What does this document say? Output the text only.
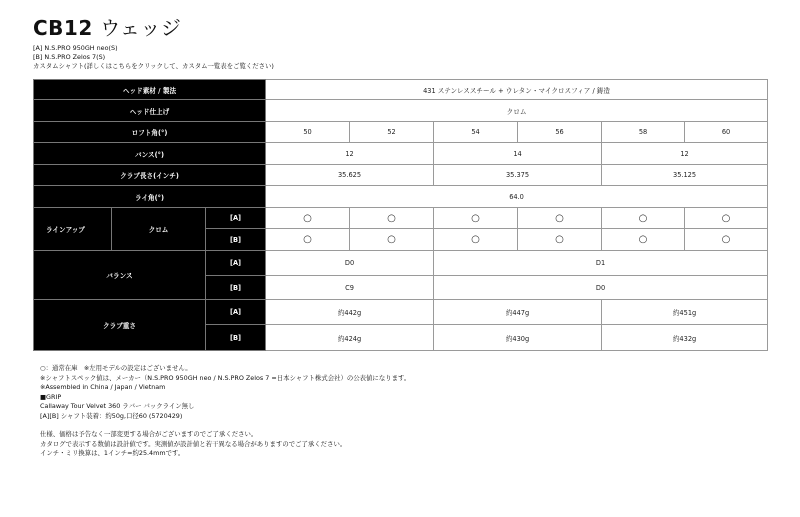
CB12 ウェッジ
[A] N.S.PRO 950GH neo(S)
[B] N.S.PRO Zelos 7(S)
カスタムシャフト(詳しくはこちらをクリックして、カスタム一覧表をご覧ください)
ヘッド素材 / 製法			431 ステンレススチール + ウレタン・マイクロスフィア / 鋳造					
ヘッド仕上げ			クロム					
ロフト角(°)			50	52	54	56	58	60
バンス(°)			12		14		12	
クラブ長さ(インチ)			35.625		35.375		35.125	
ライ角(°)			64.0					
ラインアップ	クロム	[A]	○	○	○	○	○	○
		[B]	○	○	○	○	○	○
バランス		[A]	D0		D1			
		[B]	C9		D0			
クラブ重さ		[A]	約442g		約447g		約451g	
		[B]	約424g		約430g		約432g	
○：通常在庫　※左用モデルの設定はございません。
※シャフトスペック値は、メーカー（N.S.PRO 950GH neo / N.S.PRO Zelos 7 =日本シャフト株式会社）の公表値になります。
※Assembled in China / Japan / Vietnam
■GRIP
Callaway Tour Velvet 360 ラバー バックライン無し
[A][B] シャフト装着：約50g,口径60 (5720429)
仕様、価格は予告なく一部変更する場合がございますのでご了承ください。
カタログで表示する数値は設計値です。実測値が設計値と若干異なる場合がありますのでご了承ください。
インチ・ミリ換算は、1インチ=約25.4mmです。
